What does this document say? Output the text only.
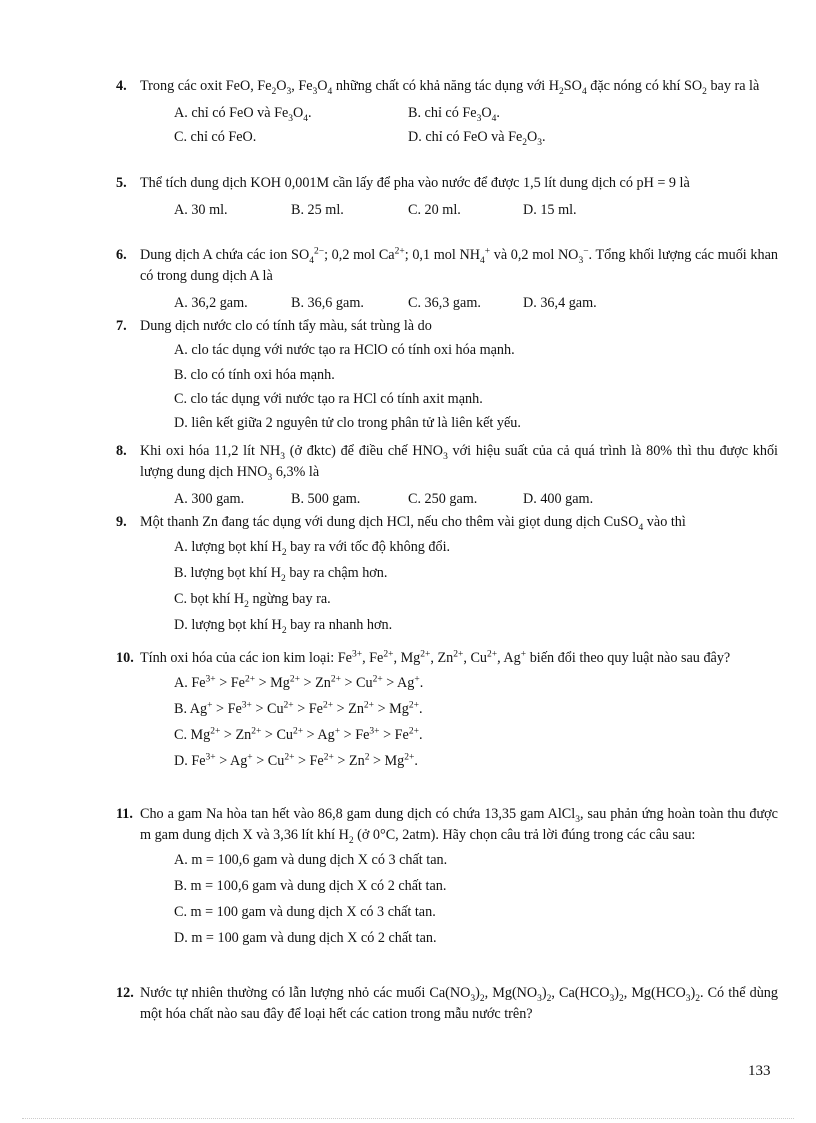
4. Trong các oxit FeO, $Fe_2O_3$, $Fe_3O_4$ những chất có khả năng tác dụng với $H_2SO_4$ đặc nóng có khí $SO_2$ bay ra là
A. chỉ có FeO và $Fe_3O_4$.	B. chỉ có $Fe_3O_4$.
C. chỉ có FeO.	D. chỉ có FeO và $Fe_2O_3$.
5. Thể tích dung dịch KOH 0,001M cần lấy để pha vào nước để được 1,5 lít dung dịch có pH = 9 là
A. 30 ml.	B. 25 ml.	C. 20 ml.	D. 15 ml.
6. Dung dịch A chứa các ion $SO_4^{2-}$; 0,2 mol $Ca^{2+}$; 0,1 mol $NH_4^+$ và 0,2 mol $NO_3^-$. Tổng khối lượng các muối khan có trong dung dịch A là
A. 36,2 gam.	B. 36,6 gam.	C. 36,3 gam.	D. 36,4 gam.
7. Dung dịch nước clo có tính tẩy màu, sát trùng là do
A. clo tác dụng với nước tạo ra HClO có tính oxi hóa mạnh.
B. clo có tính oxi hóa mạnh.
C. clo tác dụng với nước tạo ra HCl có tính axit mạnh.
D. liên kết giữa 2 nguyên tử clo trong phân tử là liên kết yếu.
8. Khi oxi hóa 11,2 lít $NH_3$ (ở đktc) để điều chế $HNO_3$ với hiệu suất của cả quá trình là 80% thì thu được khối lượng dung dịch $HNO_3$ 6,3% là
A. 300 gam.	B. 500 gam.	C. 250 gam.	D. 400 gam.
9. Một thanh Zn đang tác dụng với dung dịch HCl, nếu cho thêm vài giọt dung dịch CuSO$_4$ vào thì
A. lượng bọt khí $H_2$ bay ra với tốc độ không đổi.
B. lượng bọt khí $H_2$ bay ra chậm hơn.
C. bọt khí $H_2$ ngừng bay ra.
D. lượng bọt khí $H_2$ bay ra nhanh hơn.
10. Tính oxi hóa của các ion kim loại: $Fe^{3+}$, $Fe^{2+}$, $Mg^{2+}$, $Zn^{2+}$, $Cu^{2+}$, Ag+ biến đổi theo quy luật nào sau đây?
A. $Fe^{3+} > Fe^{2+} > Mg^{2+} > Zn^{2+} > Cu^{2+} > Ag^+$.
B. $Ag^+ > Fe^{3+} > Cu^{2+} > Fe^{2+} > Zn^{2+} > Mg^{2+}$.
C. $Mg^{2+} > Zn^{2+} > Cu^{2+} > Ag^+ > Fe^{3+} > Fe^{2+}$.
D. $Fe^{3+} > Ag^+ > Cu^{2+} > Fe^{2+} > Zn^2 > Mg^{2+}$.
11. Cho a gam Na hòa tan hết vào 86,8 gam dung dịch có chứa 13,35 gam AlCl$_3$, sau phản ứng hoàn toàn thu được m gam dung dịch X và 3,36 lít khí $H_2$ (ở 0°C, 2atm). Hãy chọn câu trả lời đúng trong các câu sau:
A. m = 100,6 gam và dung dịch X có 3 chất tan.
B. m = 100,6 gam và dung dịch X có 2 chất tan.
C. m = 100 gam và dung dịch X có 3 chất tan.
D. m = 100 gam và dung dịch X có 2 chất tan.
12. Nước tự nhiên thường có lẫn lượng nhỏ các muối $Ca(NO_3)_2$, $Mg(NO_3)_2$, $Ca(HCO_3)_2$, $Mg(HCO_3)_2$. Có thể dùng một hóa chất nào sau đây để loại hết các cation trong mẫu nước trên?
133
